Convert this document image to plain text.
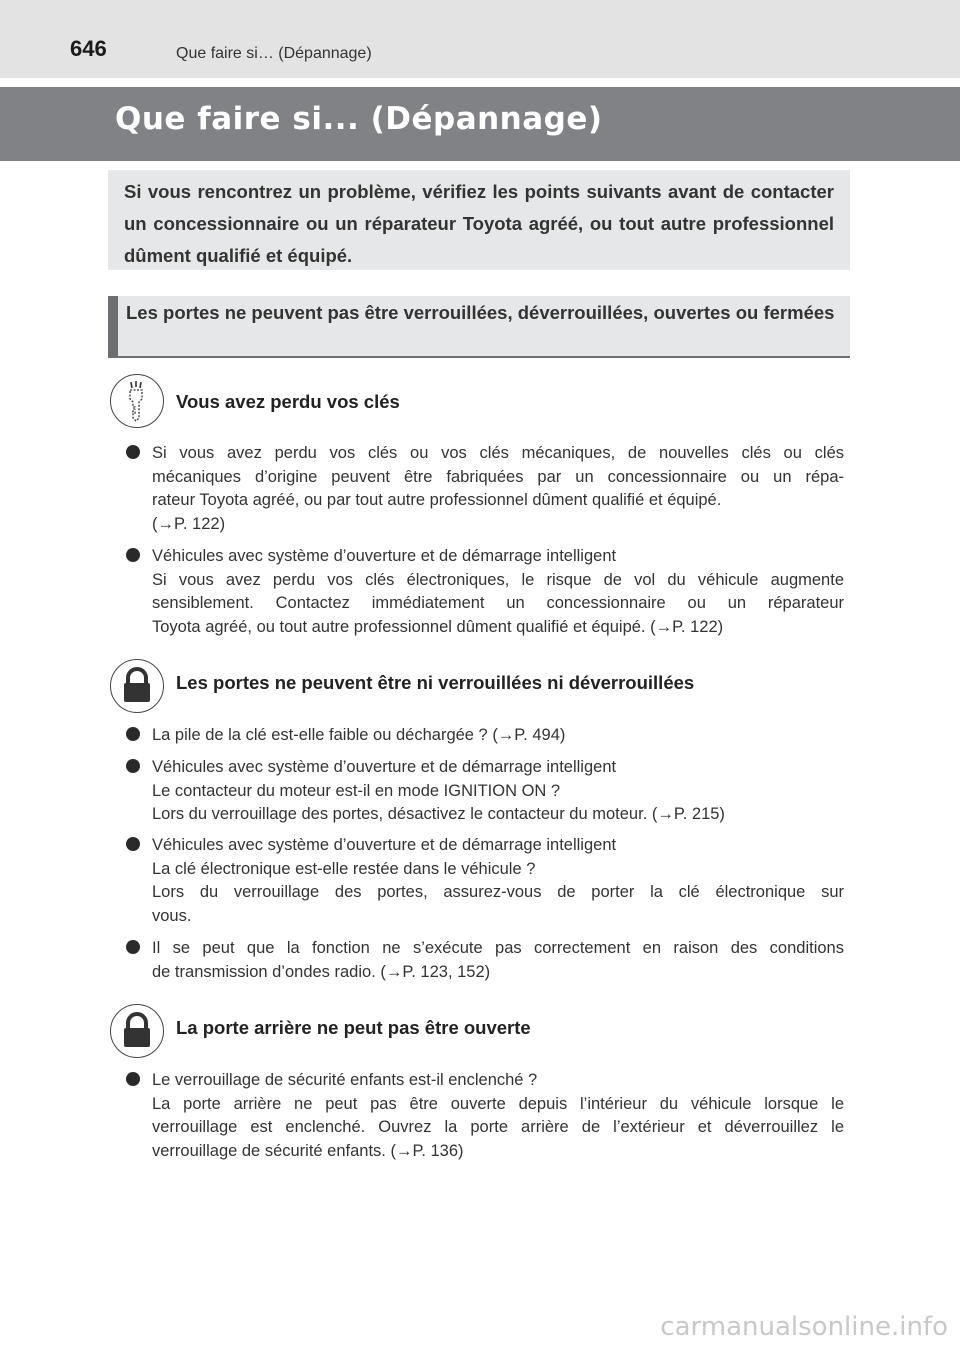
646	Que faire si… (Dépannage)
Que faire si... (Dépannage)

Si vous rencontrez un problème, vérifiez les points suivants avant de contacter un concessionnaire ou un réparateur Toyota agréé, ou tout autre professionnel dûment qualifié et équipé.

Les portes ne peuvent pas être verrouillées, déverrouillées, ouvertes ou fermées

Vous avez perdu vos clés
Si vous avez perdu vos clés ou vos clés mécaniques, de nouvelles clés ou clés
mécaniques d’origine peuvent être fabriquées par un concessionnaire ou un répa-
rateur Toyota agréé, ou par tout autre professionnel dûment qualifié et équipé.
(→P. 122)
Véhicules avec système d’ouverture et de démarrage intelligent
Si vous avez perdu vos clés électroniques, le risque de vol du véhicule augmente
sensiblement. Contactez immédiatement un concessionnaire ou un réparateur
Toyota agréé, ou tout autre professionnel dûment qualifié et équipé. (→P. 122)
Les portes ne peuvent être ni verrouillées ni déverrouillées
La pile de la clé est-elle faible ou déchargée ? (→P. 494)
Véhicules avec système d’ouverture et de démarrage intelligent
Le contacteur du moteur est-il en mode IGNITION ON ?
Lors du verrouillage des portes, désactivez le contacteur du moteur. (→P. 215)
Véhicules avec système d’ouverture et de démarrage intelligent
La clé électronique est-elle restée dans le véhicule ?
Lors du verrouillage des portes, assurez-vous de porter la clé électronique sur
vous.
Il se peut que la fonction ne s’exécute pas correctement en raison des conditions
de transmission d’ondes radio. (→P. 123, 152)
La porte arrière ne peut pas être ouverte
Le verrouillage de sécurité enfants est-il enclenché ?
La porte arrière ne peut pas être ouverte depuis l’intérieur du véhicule lorsque le
verrouillage est enclenché. Ouvrez la porte arrière de l’extérieur et déverrouillez le
verrouillage de sécurité enfants. (→P. 136)
carmanualsonline.info
